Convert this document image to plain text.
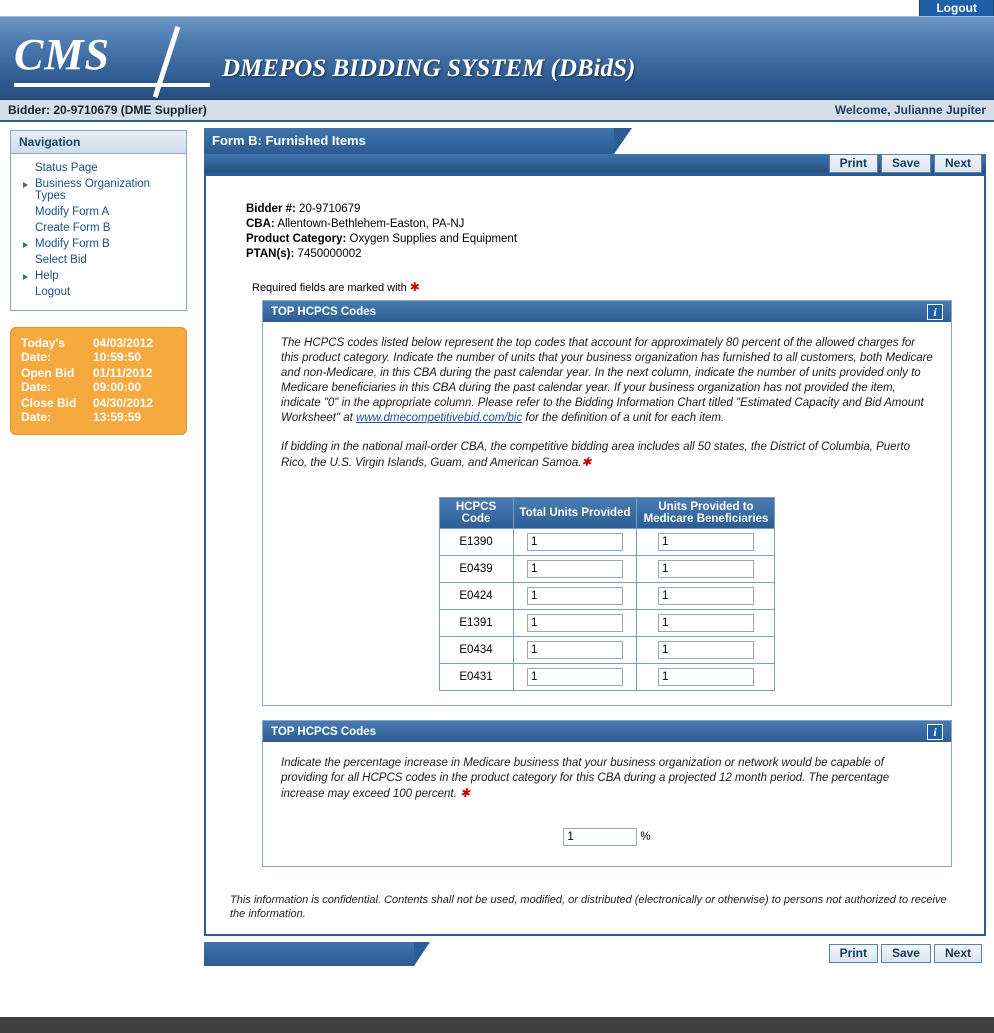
Logout
CMS	DMEPOS BIDDING SYSTEM (DBidS)
Bidder: 20-9710679 (DME Supplier)	Welcome, Julianne Jupiter
Navigation
Status Page
Business Organization Types
Modify Form A
Create Form B
Modify Form B
Select Bid
Help
Logout
Today's Date:
04/03/2012
10:59:50
Open Bid Date:
01/11/2012
09:00:00
Close Bid Date:
04/30/2012
13:59:59
Form B: Furnished Items
Print	Save	Next
Bidder #: 20-9710679
CBA: Allentown-Bethlehem-Easton, PA-NJ
Product Category: Oxygen Supplies and Equipment
PTAN(s): 7450000002
Required fields are marked with ✱
TOP HCPCS Codes	i

The HCPCS codes listed below represent the top codes that account for approximately 80 percent of the allowed charges for this product category. Indicate the number of units that your business organization has furnished to all customers, both Medicare and non-Medicare, in this CBA during the past calendar year. In the next column, indicate the number of units provided only to Medicare beneficiaries in this CBA during the past calendar year. If your business organization has not provided the item, indicate "0" in the appropriate column. Please refer to the Bidding Information Chart titled "Estimated Capacity and Bid Amount Worksheet" at www.dmecompetitivebid.com/bic for the definition of a unit for each item.

If bidding in the national mail-order CBA, the competitive bidding area includes all 50 states, the District of Columbia, Puerto Rico, the U.S. Virgin Islands, Guam, and American Samoa.✱

HCPCS Code	Total Units Provided	Units Provided to Medicare Beneficiaries
E1390	1	1
E0439	1	1
E0424	1	1
E1391	1	1
E0434	1	1
E0431	1	1
TOP HCPCS Codes	i

Indicate the percentage increase in Medicare business that your business organization or network would be capable of providing for all HCPCS codes in the product category for this CBA during a projected 12 month period. The percentage increase may exceed 100 percent. ✱

1
%
This information is confidential. Contents shall not be used, modified, or distributed (electronically or otherwise) to persons not authorized to receive the information.
Print	Save	Next
